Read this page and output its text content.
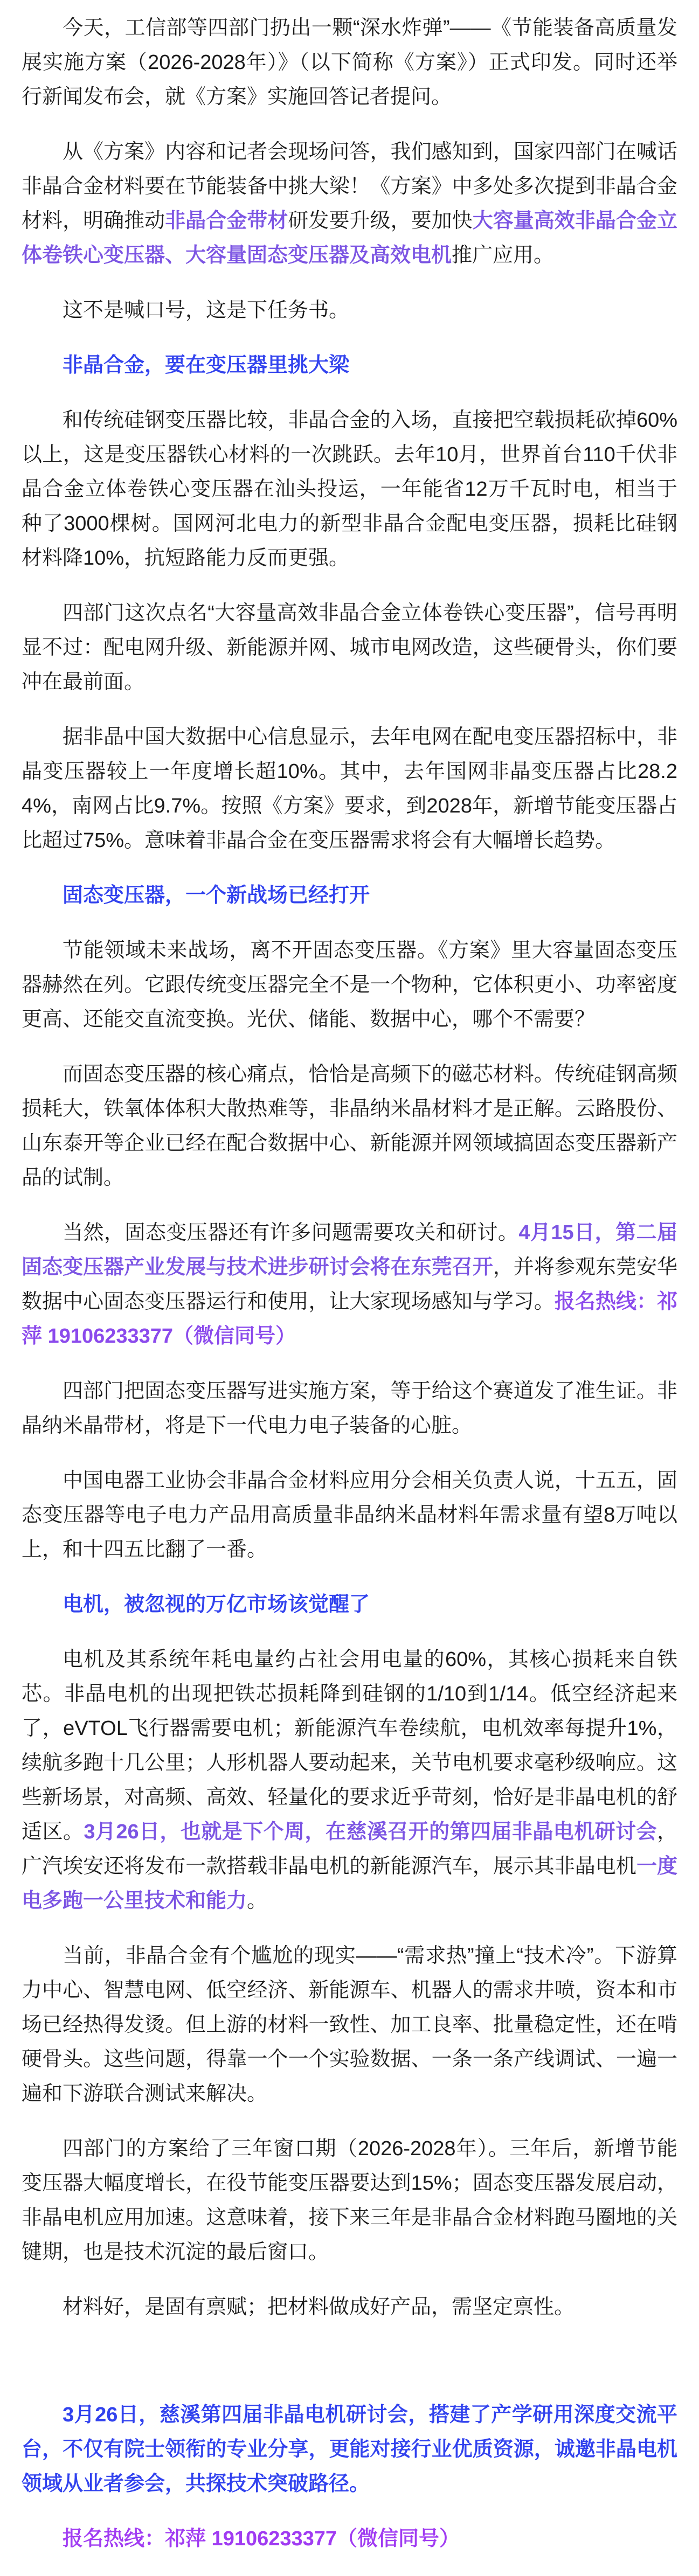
今天，工信部等四部门扔出一颗“深水炸弹”——《节能装备高质量发展实施方案（2026-2028年）》（以下简称《方案》）正式印发。同时还举行新闻发布会，就《方案》实施回答记者提问。

从《方案》内容和记者会现场问答，我们感知到，国家四部门在喊话非晶合金材料要在节能装备中挑大梁！《方案》中多处多次提到非晶合金材料，明确推动非晶合金带材研发要升级，要加快大容量高效非晶合金立体卷铁心变压器、大容量固态变压器及高效电机推广应用。

这不是喊口号，这是下任务书。

非晶合金，要在变压器里挑大梁

和传统硅钢变压器比较，非晶合金的入场，直接把空载损耗砍掉60%以上，这是变压器铁心材料的一次跳跃。去年10月，世界首台110千伏非晶合金立体卷铁心变压器在汕头投运，一年能省12万千瓦时电，相当于种了3000棵树。国网河北电力的新型非晶合金配电变压器，损耗比硅钢材料降10%，抗短路能力反而更强。

四部门这次点名“大容量高效非晶合金立体卷铁心变压器”，信号再明显不过：配电网升级、新能源并网、城市电网改造，这些硬骨头，你们要冲在最前面。

据非晶中国大数据中心信息显示，去年电网在配电变压器招标中，非晶变压器较上一年度增长超10%。其中，去年国网非晶变压器占比28.24%，南网占比9.7%。按照《方案》要求，到2028年，新增节能变压器占比超过75%。意味着非晶合金在变压器需求将会有大幅增长趋势。

固态变压器，一个新战场已经打开

节能领域未来战场，离不开固态变压器。《方案》里大容量固态变压器赫然在列。它跟传统变压器完全不是一个物种，它体积更小、功率密度更高、还能交直流变换。光伏、储能、数据中心，哪个不需要？

而固态变压器的核心痛点，恰恰是高频下的磁芯材料。传统硅钢高频损耗大，铁氧体体积大散热难等，非晶纳米晶材料才是正解。云路股份、山东泰开等企业已经在配合数据中心、新能源并网领域搞固态变压器新产品的试制。

当然，固态变压器还有许多问题需要攻关和研讨。4月15日，第二届固态变压器产业发展与技术进步研讨会将在东莞召开，并将参观东莞安华数据中心固态变压器运行和使用，让大家现场感知与学习。报名热线：祁萍 19106233377（微信同号）

四部门把固态变压器写进实施方案，等于给这个赛道发了准生证。非晶纳米晶带材，将是下一代电力电子装备的心脏。

中国电器工业协会非晶合金材料应用分会相关负责人说，十五五，固态变压器等电子电力产品用高质量非晶纳米晶材料年需求量有望8万吨以上，和十四五比翻了一番。

电机，被忽视的万亿市场该觉醒了

电机及其系统年耗电量约占社会用电量的60%，其核心损耗来自铁芯。非晶电机的出现把铁芯损耗降到硅钢的1/10到1/14。低空经济起来了，eVTOL飞行器需要电机；新能源汽车卷续航，电机效率每提升1%，续航多跑十几公里；人形机器人要动起来，关节电机要求毫秒级响应。这些新场景，对高频、高效、轻量化的要求近乎苛刻，恰好是非晶电机的舒适区。3月26日，也就是下个周，在慈溪召开的第四届非晶电机研讨会，广汽埃安还将发布一款搭载非晶电机的新能源汽车，展示其非晶电机一度电多跑一公里技术和能力。

当前，非晶合金有个尴尬的现实——“需求热”撞上“技术冷”。下游算力中心、智慧电网、低空经济、新能源车、机器人的需求井喷，资本和市场已经热得发烫。但上游的材料一致性、加工良率、批量稳定性，还在啃硬骨头。这些问题，得靠一个一个实验数据、一条一条产线调试、一遍一遍和下游联合测试来解决。

四部门的方案给了三年窗口期（2026-2028年）。三年后，新增节能变压器大幅度增长，在役节能变压器要达到15%；固态变压器发展启动，非晶电机应用加速。这意味着，接下来三年是非晶合金材料跑马圈地的关键期，也是技术沉淀的最后窗口。

材料好，是固有禀赋；把材料做成好产品，需坚定禀性。

3月26日，慈溪第四届非晶电机研讨会，搭建了产学研用深度交流平台，不仅有院士领衔的专业分享，更能对接行业优质资源，诚邀非晶电机领域从业者参会，共探技术突破路径。

报名热线：祁萍 19106233377（微信同号）
